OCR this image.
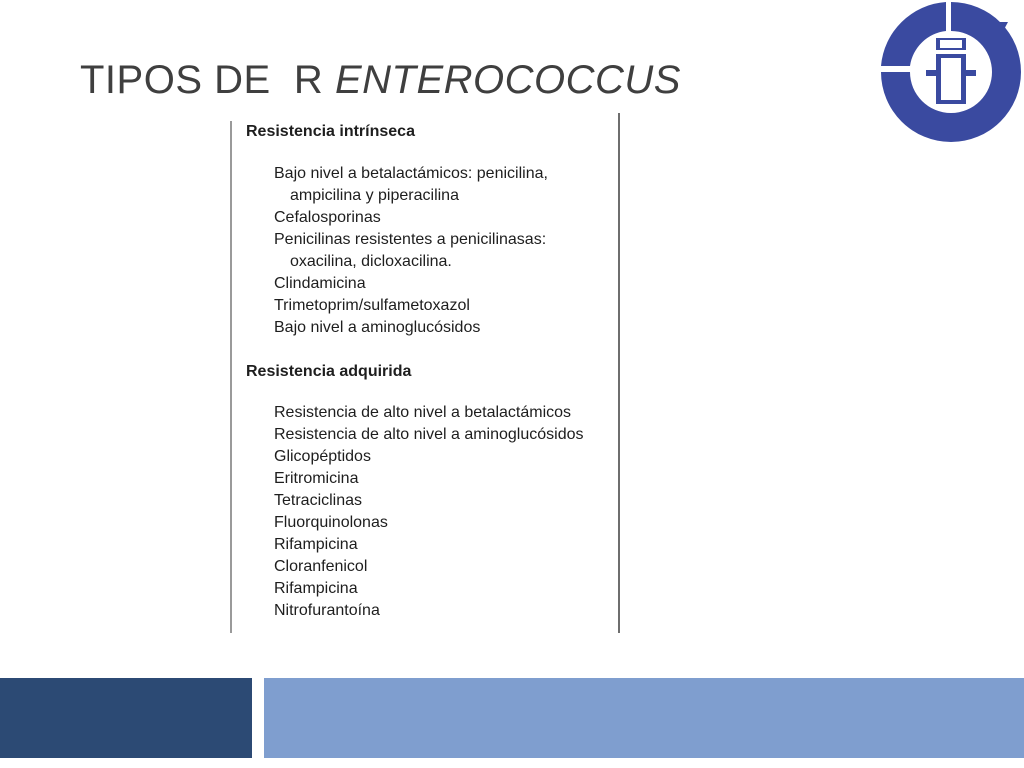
TIPOS DE  R ENTEROCOCCUS
Resistencia intrínseca
Bajo nivel a betalactámicos: penicilina,
ampicilina y piperacilina
Cefalosporinas
Penicilinas resistentes a penicilinasas:
oxacilina, dicloxacilina.
Clindamicina
Trimetoprim/sulfametoxazol
Bajo nivel a aminoglucósidos
Resistencia adquirida
Resistencia de alto nivel a betalactámicos
Resistencia de alto nivel a aminoglucósidos
Glicopéptidos
Eritromicina
Tetraciclinas
Fluorquinolonas
Rifampicina
Cloranfenicol
Rifampicina
Nitrofurantoína
